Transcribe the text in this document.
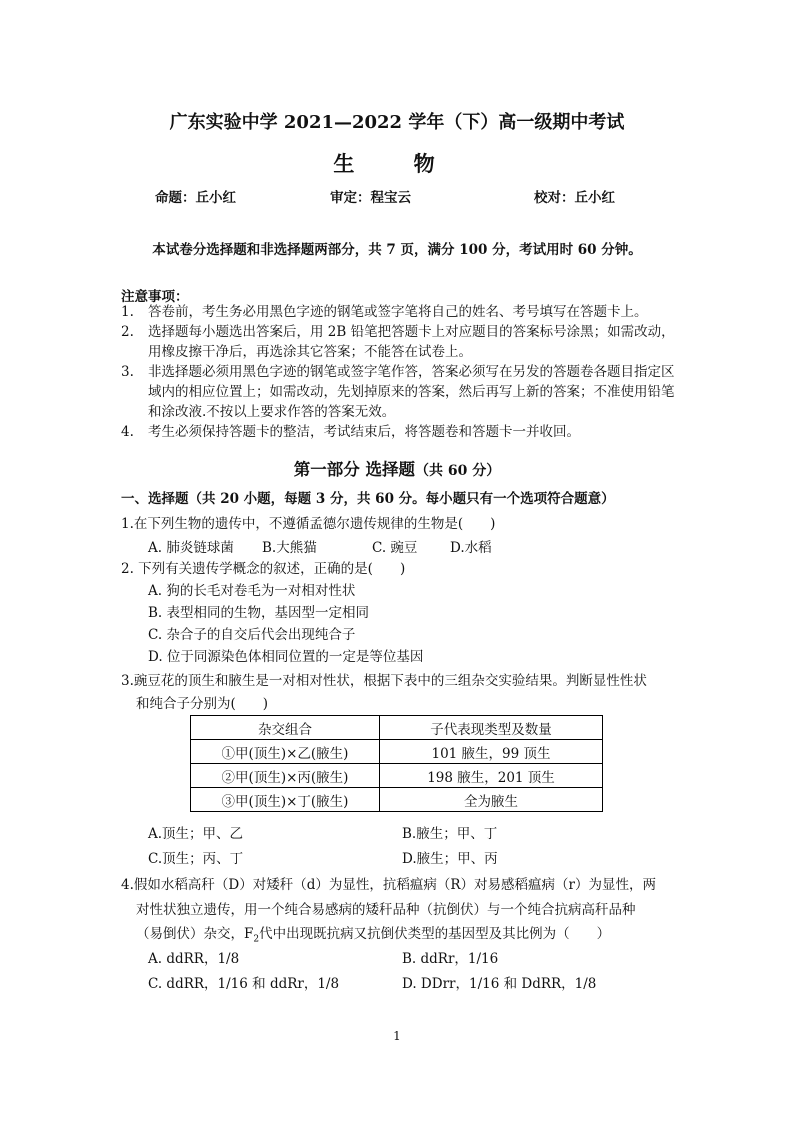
广东实验中学 2021—2022 学年（下）高一级期中考试
生 物
命题：丘小红	审定：程宝云	校对：丘小红
本试卷分选择题和非选择题两部分，共 7 页，满分 100 分，考试用时 60 分钟。
注意事项：
1.	答卷前，考生务必用黑色字迹的钢笔或签字笔将自己的姓名、考号填写在答题卡上。
2.	选择题每小题选出答案后，用 2B 铅笔把答题卡上对应题目的答案标号涂黑；如需改动，用橡皮擦干净后，再选涂其它答案；不能答在试卷上。
3.	非选择题必须用黑色字迹的钢笔或签字笔作答，答案必须写在另发的答题卷各题目指定区域内的相应位置上；如需改动，先划掉原来的答案，然后再写上新的答案；不准使用铅笔和涂改液.不按以上要求作答的答案无效。
4.	考生必须保持答题卡的整洁，考试结束后，将答题卷和答题卡一并收回。
第一部分 选择题（共 60 分）
一、选择题（共 20 小题，每题 3 分，共 60 分。每小题只有一个选项符合题意）
1.在下列生物的遗传中，不遵循孟德尔遗传规律的生物是(　　)
A. 肺炎链球菌 B.大熊猫	C. 豌豆 D.水稻
2. 下列有关遗传学概念的叙述，正确的是(　　)
A. 狗的长毛对卷毛为一对相对性状
B. 表型相同的生物，基因型一定相同
C. 杂合子的自交后代会出现纯合子
D. 位于同源染色体相同位置的一定是等位基因
3.豌豆花的顶生和腋生是一对相对性状，根据下表中的三组杂交实验结果。判断显性性状
和纯合子分别为(　　)
杂交组合	子代表现类型及数量
①甲(顶生)×乙(腋生)	101 腋生，99 顶生
②甲(顶生)×丙(腋生)	198 腋生，201 顶生
③甲(顶生)×丁(腋生)	全为腋生
A.顶生；甲、乙	B.腋生；甲、丁
C.顶生；丙、丁	D.腋生；甲、丙
4.假如水稻高秆（D）对矮秆（d）为显性，抗稻瘟病（R）对易感稻瘟病（r）为显性，两
对性状独立遗传，用一个纯合易感病的矮秆品种（抗倒伏）与一个纯合抗病高秆品种
（易倒伏）杂交，$F_2$代中出现既抗病又抗倒伏类型的基因型及其比例为（　　）
A. ddRR，1/8	B. ddRr，1/16
C. ddRR，1/16 和 ddRr，1/8	D. DDrr，1/16 和 DdRR，1/8
1
